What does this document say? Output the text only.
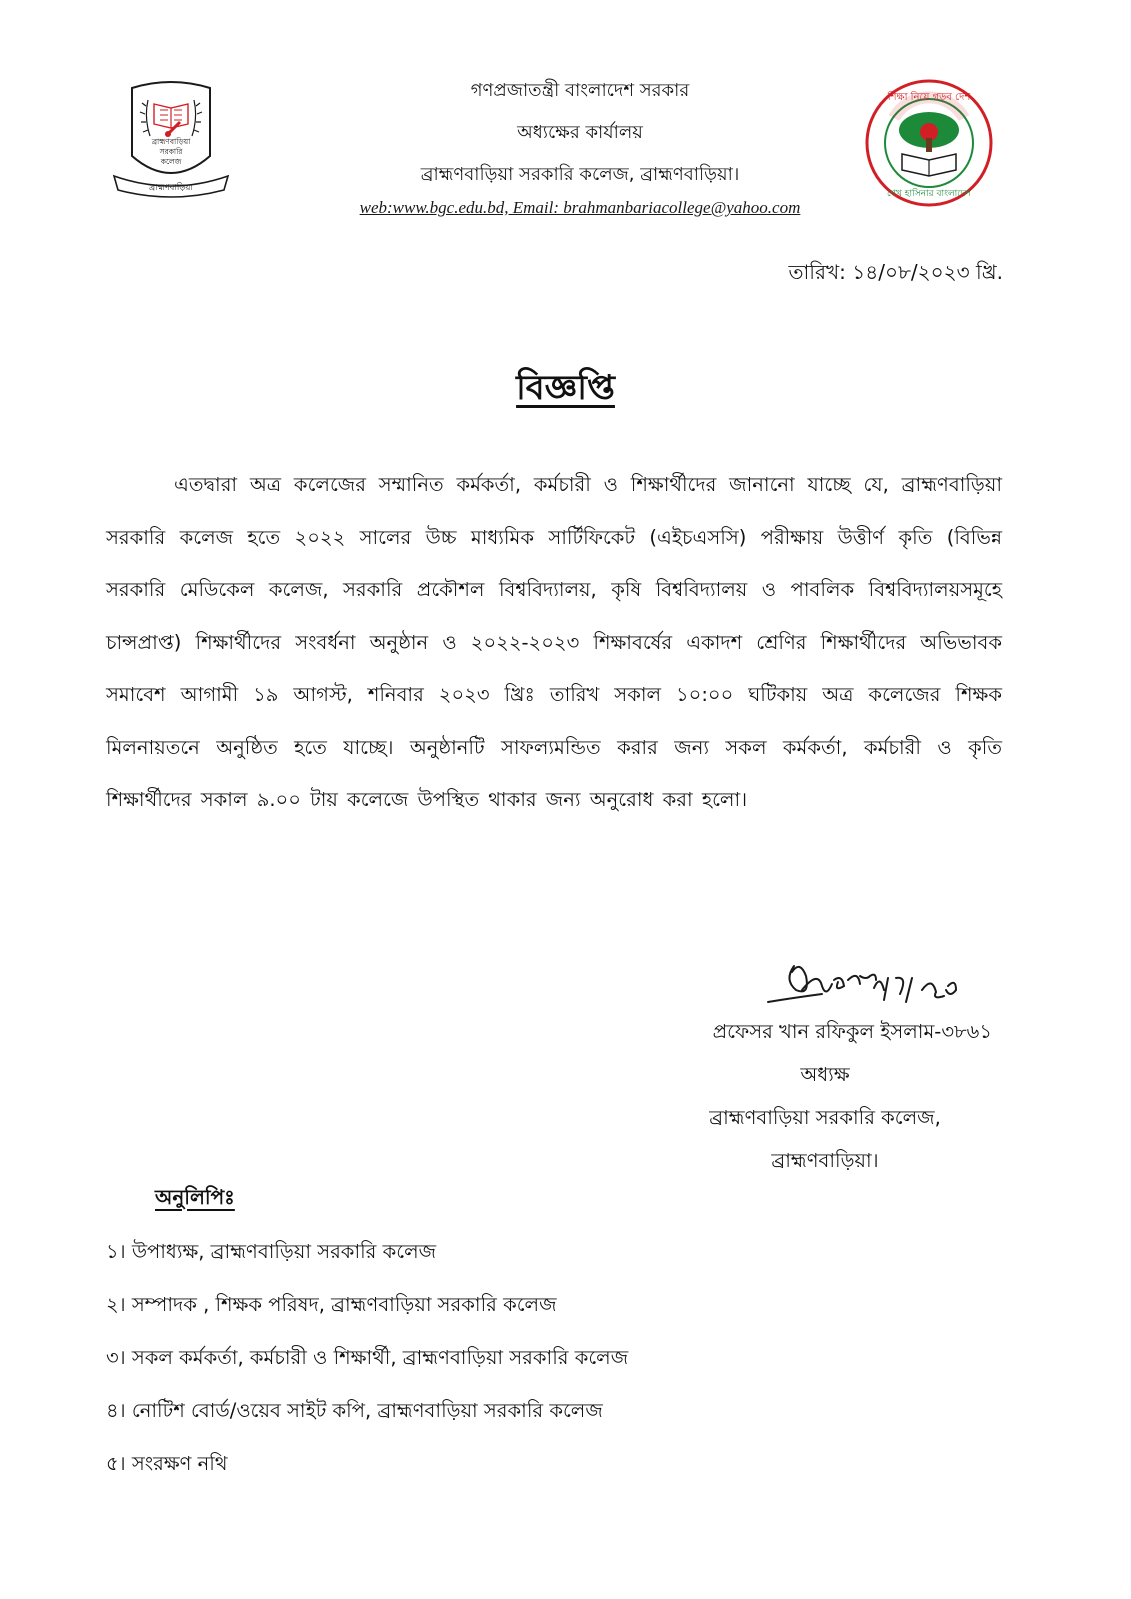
ব্রাহ্মণবাড়িয়া
সরকারি
কলেজ
ব্রাহ্মণবাড়িয়া
গণপ্রজাতন্ত্রী বাংলাদেশ সরকার
অধ্যক্ষের কার্যালয়
ব্রাহ্মণবাড়িয়া সরকারি কলেজ, ব্রাহ্মণবাড়িয়া।
web:www.bgc.edu.bd, Email: brahmanbariacollege@yahoo.com
শিক্ষা নিয়ে গড়ব দেশ
শেখ হাসিনার বাংলাদেশ
তারিখ: ১৪/০৮/২০২৩ খ্রি.
বিজ্ঞপ্তি
এতদ্বারা অত্র কলেজের সম্মানিত কর্মকর্তা, কর্মচারী ও শিক্ষার্থীদের জানানো যাচ্ছে যে, ব্রাহ্মণবাড়িয়া সরকারি কলেজ হতে ২০২২ সালের উচ্চ মাধ্যমিক সার্টিফিকেট (এইচএসসি) পরীক্ষায় উত্তীর্ণ কৃতি (বিভিন্ন সরকারি মেডিকেল কলেজ, সরকারি প্রকৌশল বিশ্ববিদ্যালয়, কৃষি বিশ্ববিদ্যালয় ও পাবলিক বিশ্ববিদ্যালয়সমূহে চান্সপ্রাপ্ত) শিক্ষার্থীদের সংবর্ধনা অনুষ্ঠান ও ২০২২-২০২৩ শিক্ষাবর্ষের একাদশ শ্রেণির শিক্ষার্থীদের অভিভাবক সমাবেশ আগামী ১৯ আগস্ট, শনিবার ২০২৩ খ্রিঃ তারিখ সকাল ১০:০০ ঘটিকায় অত্র কলেজের শিক্ষক মিলনায়তনে অনুষ্ঠিত হতে যাচ্ছে। অনুষ্ঠানটি সাফল্যমন্ডিত করার জন্য সকল কর্মকর্তা, কর্মচারী ও কৃতি শিক্ষার্থীদের সকাল ৯.০০ টায় কলেজে উপস্থিত থাকার জন্য অনুরোধ করা হলো।
প্রফেসর খান রফিকুল ইসলাম-৩৮৬১
অধ্যক্ষ
ব্রাহ্মণবাড়িয়া সরকারি কলেজ,
ব্রাহ্মণবাড়িয়া।
অনুলিপিঃ
১। উপাধ্যক্ষ, ব্রাহ্মণবাড়িয়া সরকারি কলেজ
২। সম্পাদক , শিক্ষক পরিষদ, ব্রাহ্মণবাড়িয়া সরকারি কলেজ
৩। সকল কর্মকর্তা, কর্মচারী ও শিক্ষার্থী, ব্রাহ্মণবাড়িয়া সরকারি কলেজ
৪। নোটিশ বোর্ড/ওয়েব সাইট কপি, ব্রাহ্মণবাড়িয়া সরকারি কলেজ
৫। সংরক্ষণ নথি
